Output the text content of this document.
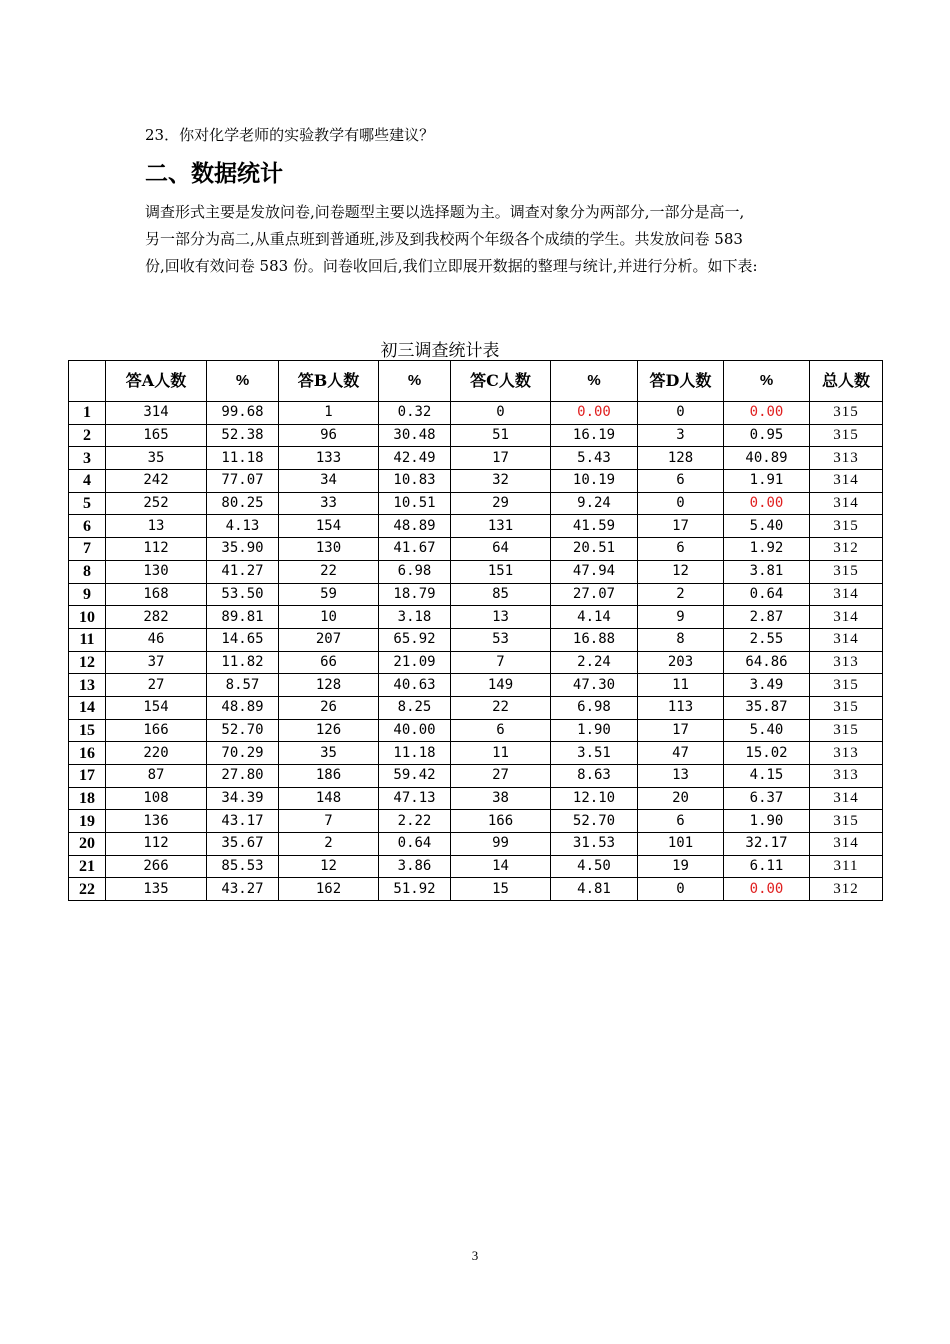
23．你对化学老师的实验教学有哪些建议？
二、数据统计
调查形式主要是发放问卷,问卷题型主要以选择题为主。调查对象分为两部分,一部分是高一,
另一部分为高二,从重点班到普通班,涉及到我校两个年级各个成绩的学生。共发放问卷 583
份,回收有效问卷 583 份。问卷收回后,我们立即展开数据的整理与统计,并进行分析。如下表:
初三调查统计表
	答A人数	%	答B人数	%	答C人数	%	答D人数	%	总人数
1	314	99.68	1	0.32	0	0.00	0	0.00	315
2	165	52.38	96	30.48	51	16.19	3	0.95	315
3	35	11.18	133	42.49	17	5.43	128	40.89	313
4	242	77.07	34	10.83	32	10.19	6	1.91	314
5	252	80.25	33	10.51	29	9.24	0	0.00	314
6	13	4.13	154	48.89	131	41.59	17	5.40	315
7	112	35.90	130	41.67	64	20.51	6	1.92	312
8	130	41.27	22	6.98	151	47.94	12	3.81	315
9	168	53.50	59	18.79	85	27.07	2	0.64	314
10	282	89.81	10	3.18	13	4.14	9	2.87	314
11	46	14.65	207	65.92	53	16.88	8	2.55	314
12	37	11.82	66	21.09	7	2.24	203	64.86	313
13	27	8.57	128	40.63	149	47.30	11	3.49	315
14	154	48.89	26	8.25	22	6.98	113	35.87	315
15	166	52.70	126	40.00	6	1.90	17	5.40	315
16	220	70.29	35	11.18	11	3.51	47	15.02	313
17	87	27.80	186	59.42	27	8.63	13	4.15	313
18	108	34.39	148	47.13	38	12.10	20	6.37	314
19	136	43.17	7	2.22	166	52.70	6	1.90	315
20	112	35.67	2	0.64	99	31.53	101	32.17	314
21	266	85.53	12	3.86	14	4.50	19	6.11	311
22	135	43.27	162	51.92	15	4.81	0	0.00	312
3
